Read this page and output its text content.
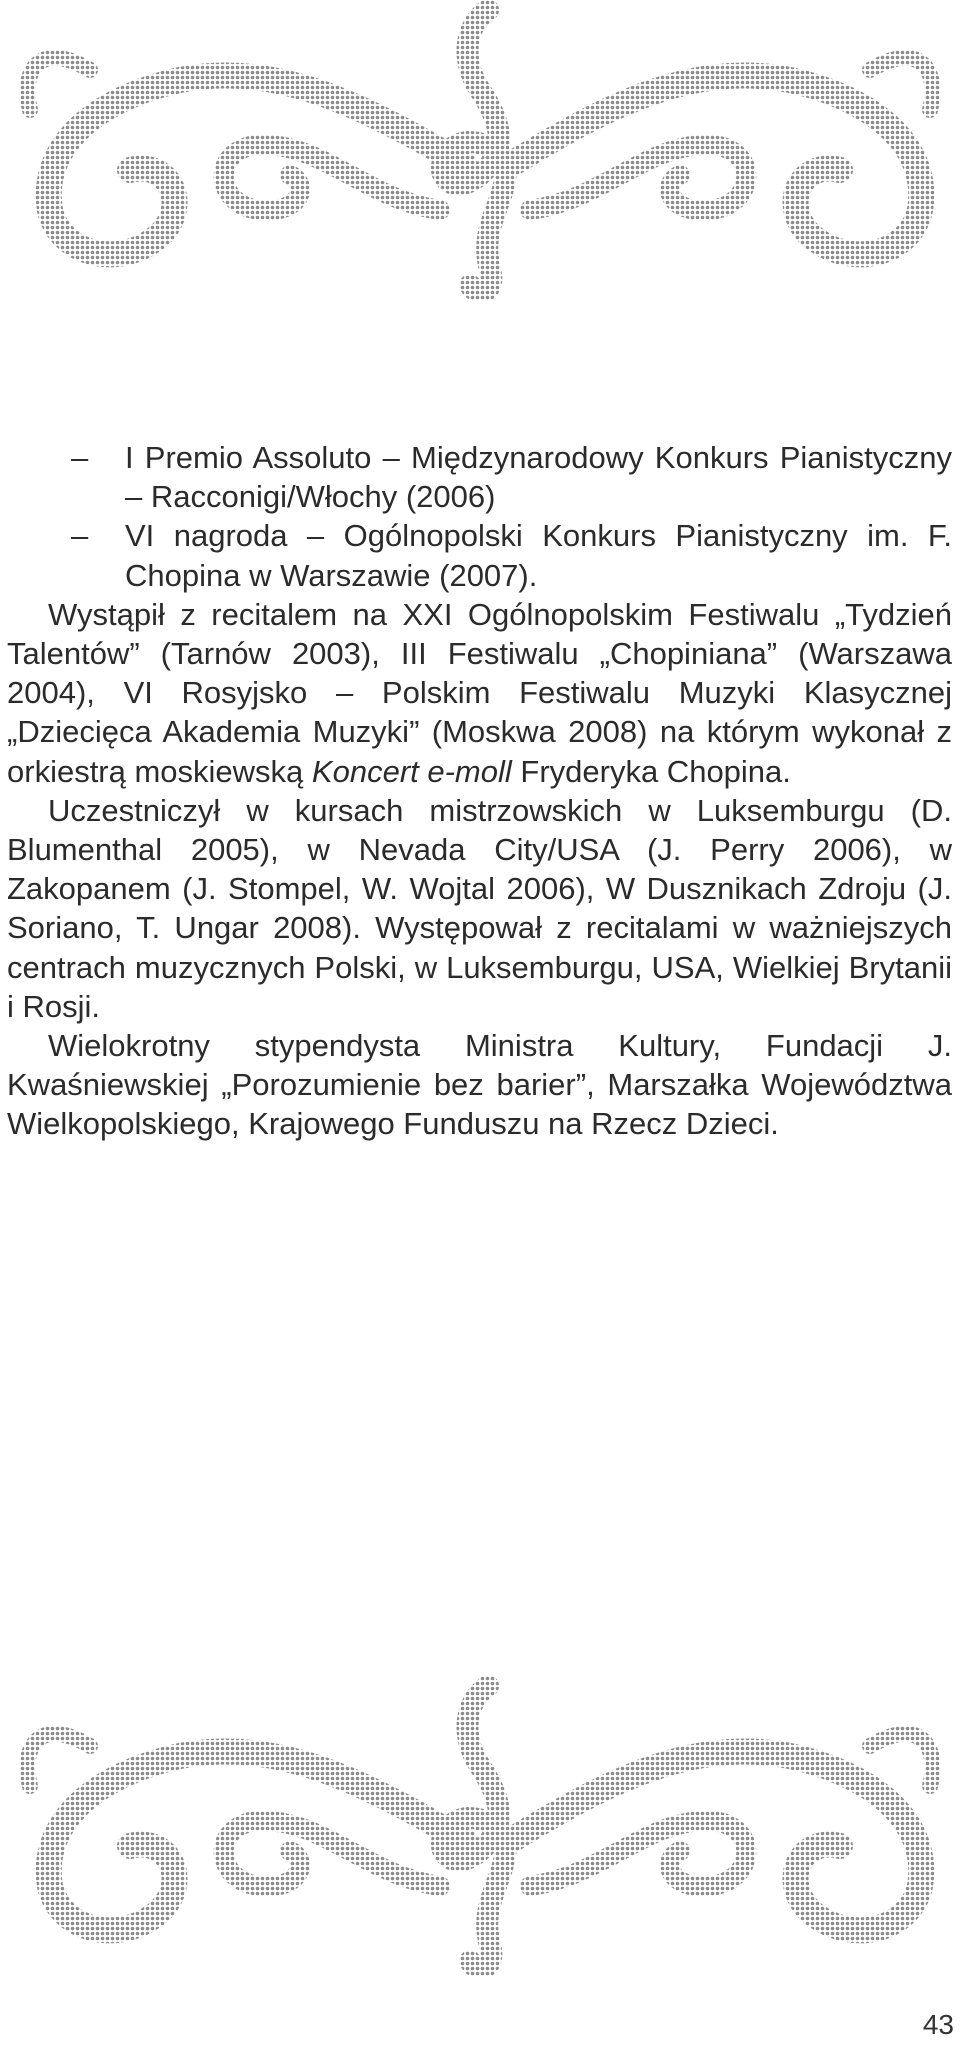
– I Premio Assoluto – Międzynarodowy Konkurs Pianistyczny – Racconigi/Włochy (2006)

– VI nagroda – Ogólnopolski Konkurs Pianistyczny im. F. Chopina w Warszawie (2007).

Wystąpił z recitalem na XXI Ogólnopolskim Festiwalu „Tydzień Talentów” (Tarnów 2003), III Festiwalu „Chopiniana” (Warszawa 2004), VI Rosyjsko – Polskim Festiwalu Muzyki Klasycznej „Dziecięca Akademia Muzyki” (Moskwa 2008) na którym wykonał z orkiestrą moskiewską Koncert e-moll Fryderyka Chopina.

Uczestniczył w kursach mistrzowskich w Luksemburgu (D. Blumenthal 2005), w Nevada City/USA (J. Perry 2006), w Zakopanem (J. Stompel, W. Wojtal 2006), W Dusznikach Zdroju (J. Soriano, T. Ungar 2008). Występował z recitalami w ważniejszych centrach muzycznych Polski, w Luksemburgu, USA, Wielkiej Brytanii i Rosji.

Wielokrotny stypendysta Ministra Kultury, Fundacji J. Kwaśniewskiej „Porozumienie bez barier”, Marszałka Województwa Wielkopolskiego, Krajowego Funduszu na Rzecz Dzieci.

43
